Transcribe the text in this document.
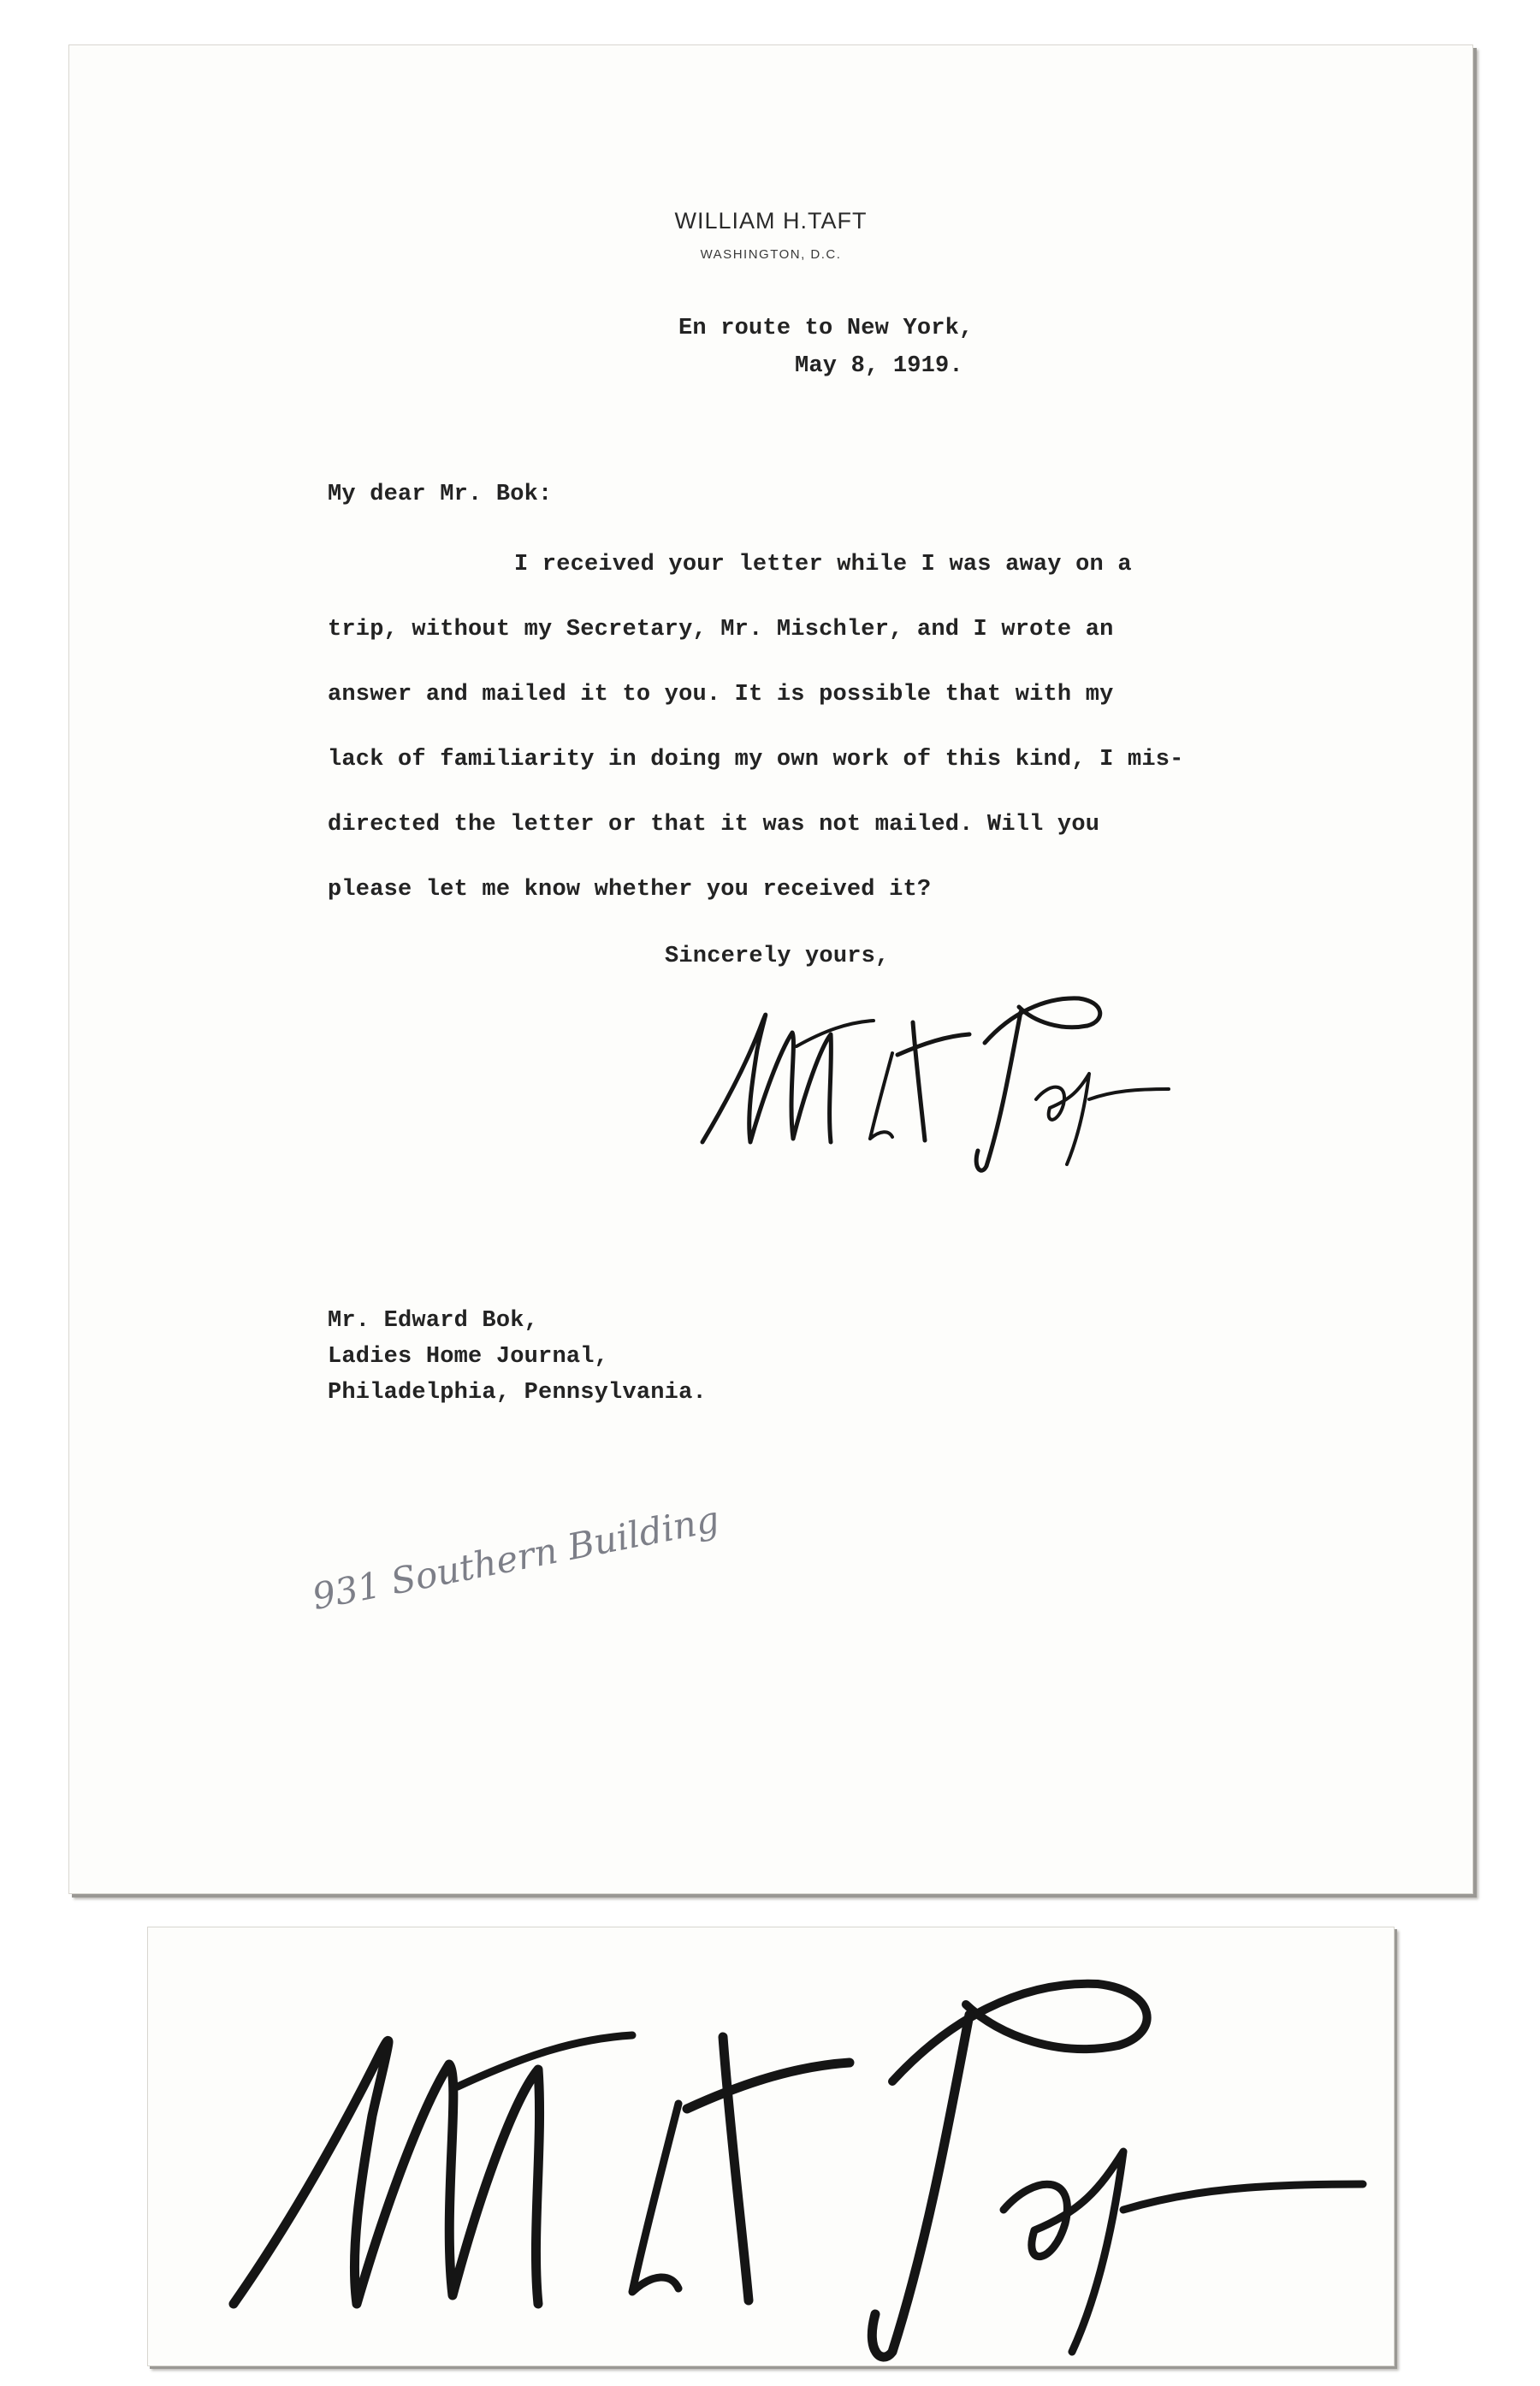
WILLIAM H.TAFT
WASHINGTON, D.C.
En route to New York,
May 8, 1919.
My dear Mr. Bok:
I received your letter while I was away on a
trip, without my Secretary, Mr. Mischler, and I wrote an
answer and mailed it to you. It is possible that with my
lack of familiarity in doing my own work of this kind, I mis-
directed the letter or that it was not mailed. Will you
please let me know whether you received it?
Sincerely yours,
Mr. Edward Bok,
Ladies Home Journal,
Philadelphia, Pennsylvania.
931 Southern Building
